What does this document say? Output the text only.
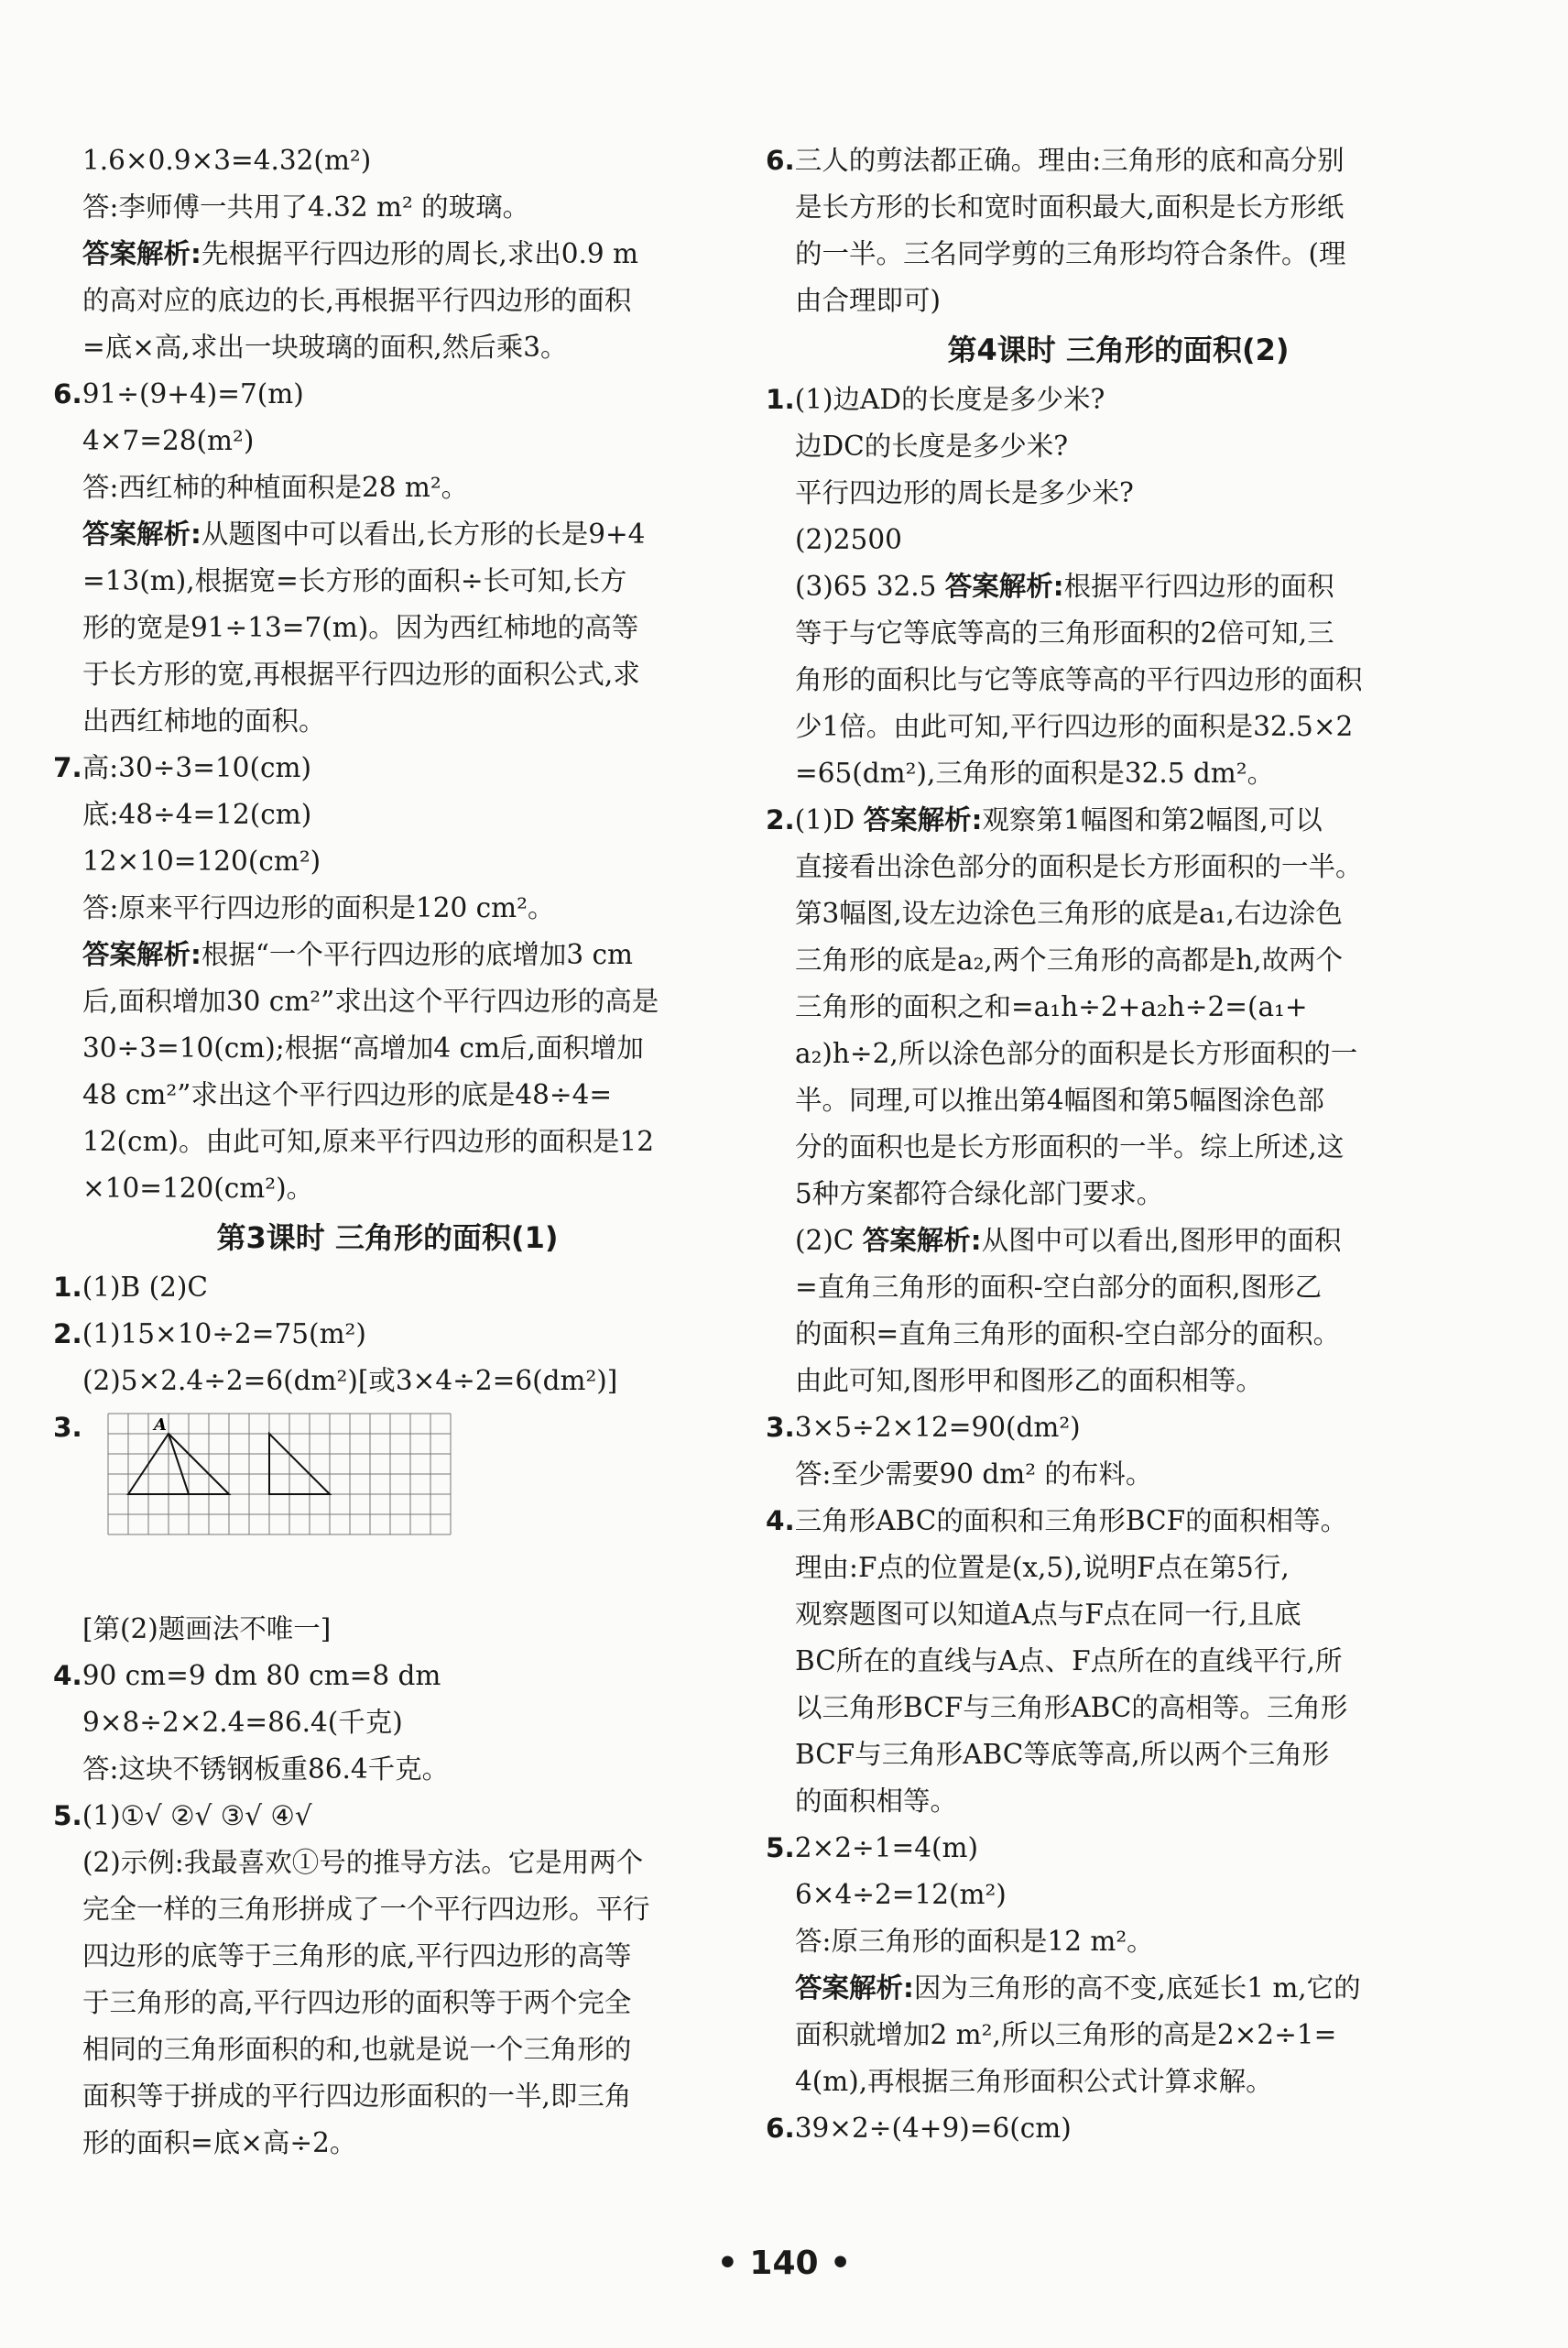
1.6×0.9×3=4.32(m²)
答:李师傅一共用了4.32 m² 的玻璃。
答案解析:先根据平行四边形的周长,求出0.9 m
的高对应的底边的长,再根据平行四边形的面积
=底×高,求出一块玻璃的面积,然后乘3。
6.91÷(9+4)=7(m)
4×7=28(m²)
答:西红柿的种植面积是28 m²。
答案解析:从题图中可以看出,长方形的长是9+4
=13(m),根据宽=长方形的面积÷长可知,长方
形的宽是91÷13=7(m)。因为西红柿地的高等
于长方形的宽,再根据平行四边形的面积公式,求
出西红柿地的面积。
7.高:30÷3=10(cm)
底:48÷4=12(cm)
12×10=120(cm²)
答:原来平行四边形的面积是120 cm²。
答案解析:根据“一个平行四边形的底增加3 cm
后,面积增加30 cm²”求出这个平行四边形的高是
30÷3=10(cm);根据“高增加4 cm后,面积增加
48 cm²”求出这个平行四边形的底是48÷4=
12(cm)。由此可知,原来平行四边形的面积是12
×10=120(cm²)。
第3课时 三角形的面积(1)
1.(1)B (2)C
2.(1)15×10÷2=75(m²)
(2)5×2.4÷2=6(dm²)[或3×4÷2=6(dm²)]
3.	A
[第(2)题画法不唯一]
4.90 cm=9 dm 80 cm=8 dm
9×8÷2×2.4=86.4(千克)
答:这块不锈钢板重86.4千克。
5.(1)①√ ②√ ③√ ④√
(2)示例:我最喜欢①号的推导方法。它是用两个
完全一样的三角形拼成了一个平行四边形。平行
四边形的底等于三角形的底,平行四边形的高等
于三角形的高,平行四边形的面积等于两个完全
相同的三角形面积的和,也就是说一个三角形的
面积等于拼成的平行四边形面积的一半,即三角
形的面积=底×高÷2。
6.三人的剪法都正确。理由:三角形的底和高分别
是长方形的长和宽时面积最大,面积是长方形纸
的一半。三名同学剪的三角形均符合条件。(理
由合理即可)
第4课时 三角形的面积(2)
1.(1)边AD的长度是多少米?
边DC的长度是多少米?
平行四边形的周长是多少米?
(2)2500
(3)65 32.5 答案解析:根据平行四边形的面积
等于与它等底等高的三角形面积的2倍可知,三
角形的面积比与它等底等高的平行四边形的面积
少1倍。由此可知,平行四边形的面积是32.5×2
=65(dm²),三角形的面积是32.5 dm²。
2.(1)D 答案解析:观察第1幅图和第2幅图,可以
直接看出涂色部分的面积是长方形面积的一半。
第3幅图,设左边涂色三角形的底是a₁,右边涂色
三角形的底是a₂,两个三角形的高都是h,故两个
三角形的面积之和=a₁h÷2+a₂h÷2=(a₁+
a₂)h÷2,所以涂色部分的面积是长方形面积的一
半。同理,可以推出第4幅图和第5幅图涂色部
分的面积也是长方形面积的一半。综上所述,这
5种方案都符合绿化部门要求。
(2)C 答案解析:从图中可以看出,图形甲的面积
=直角三角形的面积-空白部分的面积,图形乙
的面积=直角三角形的面积-空白部分的面积。
由此可知,图形甲和图形乙的面积相等。
3.3×5÷2×12=90(dm²)
答:至少需要90 dm² 的布料。
4.三角形ABC的面积和三角形BCF的面积相等。
理由:F点的位置是(x,5),说明F点在第5行,
观察题图可以知道A点与F点在同一行,且底
BC所在的直线与A点、F点所在的直线平行,所
以三角形BCF与三角形ABC的高相等。三角形
BCF与三角形ABC等底等高,所以两个三角形
的面积相等。
5.2×2÷1=4(m)
6×4÷2=12(m²)
答:原三角形的面积是12 m²。
答案解析:因为三角形的高不变,底延长1 m,它的
面积就增加2 m²,所以三角形的高是2×2÷1=
4(m),再根据三角形面积公式计算求解。
6.39×2÷(4+9)=6(cm)
• 140 •
